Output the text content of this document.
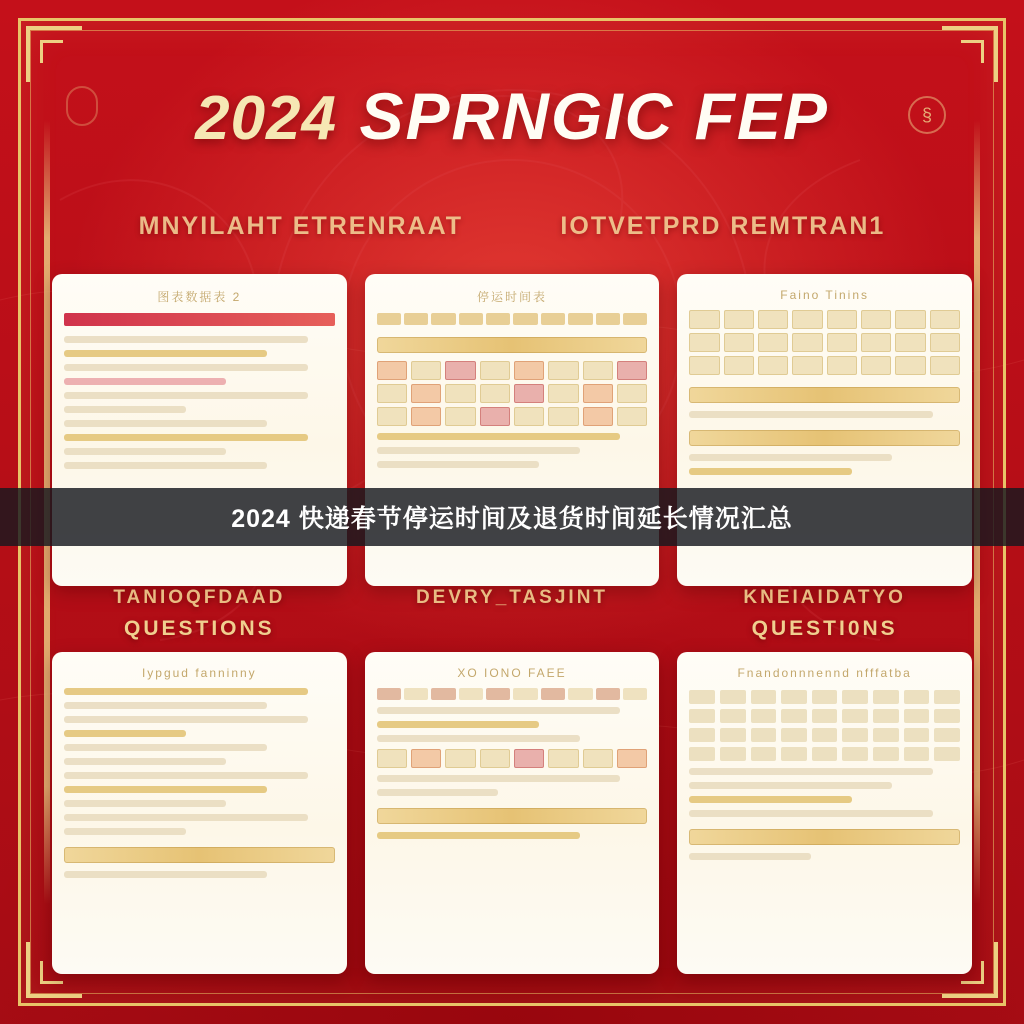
§
2024 SPRNGIC FEP
MNYILAHT ETRENRAAT	IOTVETPRD REMTRAN1
图表数据表 2	停运时间表	Faino Tinins
2024 快递春节停运时间及退货时间延长情况汇总
TANIOQFDAAD
QUESTIONS
DEVRY_TASJINT	KNEIAIDATYO
QUESTI0NS
Iypgud fanninny	XO IONO FAEE	Fnandonnnennd nfffatba
